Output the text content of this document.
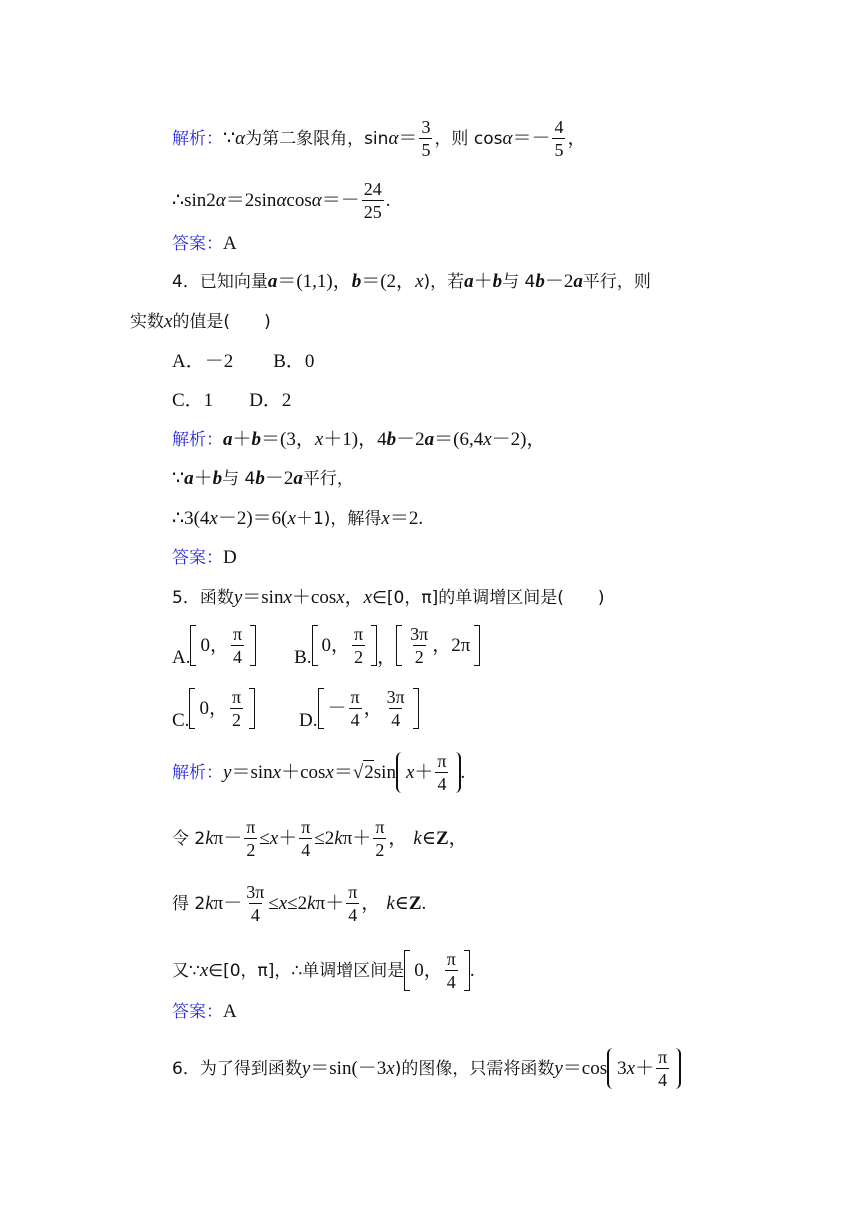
解析： ∵ α 为第二象限角，$\sin \alpha = \frac{3}{5}$ ，则 $\cos \alpha =- \frac{4}{5}$ ，
∴sin2 α ＝2sin α $\cos \alpha =- \frac{24}{25}$ .
答案： A
4．已知向量 a ＝(1,1)， b ＝(2， x )，若 a ＋ b 与 4 b －2 a 平行，则
实数 x 的值是(　　)
A．－2 B．0
C．1 D．2
解析： a ＋ b ＝(3， x ＋1)，4 b －2 a ＝(6,4 x －2)，
∵ a ＋ b 与 4 b －2 a 平行，
∴3(4 x －2)＝6( x ＋1)，解得 x ＝2.
答案： D
5．函数 y ＝sin x ＋cos x ， x ∈[0，π]的单调增区间是(　　)
A.
0， $\frac{\pi}{4}$	B.
0， $\frac{\pi}{2}$ ， $\frac{3\pi}{2}$ ， 2π
C.
0， $\frac{\pi}{2}$	D.
－ $\frac{\pi}{4}$ ， $\frac{3\pi}{4}$
解析： y ＝sin x ＋cos x ＝ √ 2 $\sin x + \frac{\pi}{4}$ .
令 2 k $\pi- \frac{\pi}{2} \le x + \frac{\pi}{4} \le 2$ k $\pi+ \frac{\pi}{2}$ ， k ∈ Z ，
得 2 k $\pi- \frac{3\pi}{4} \le x \le 2$ k $\pi+ \frac{\pi}{4}$ ， k ∈ Z .
又∵ x ∈[0，π]，∴单调增区间是 0， $\frac{\pi}{4}$ .
答案： A
6．为了得到函数 y ＝sin(－3 x )的图像，只需将函数 y ＝cos 3 $x + \frac{\pi}{4}$
